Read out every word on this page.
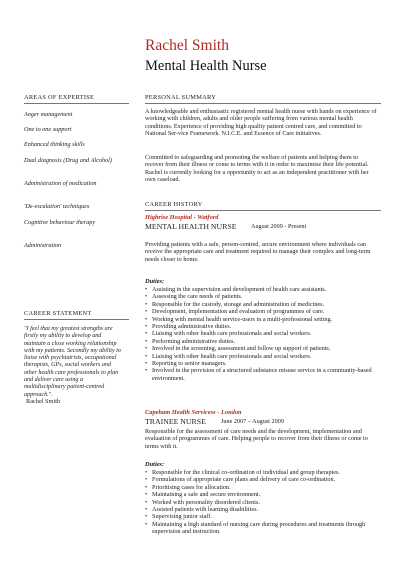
Rachel Smith
Mental Health Nurse
AREAS OF EXPERTISE
Anger management
One to one support
Enhanced thinking skills
Dual diagnosis (Drug and Alcohol)
Administration of medication
'De-escalation' techniques
Cognitive behaviour therapy
Administration
CAREER STATEMENT
"I feel that my greatest strengths are firstly my ability to develop and maintain a close working relationship with my patients. Secondly my ability to liaise with psychiatrists, occupational therapists, GPs, social workers and other health care professionals to plan and deliver care using a multidisciplinary patient-centred approach.".
Rachel Smith
PERSONAL SUMMARY
A knowledgeable and enthusiastic registered mental health nurse with hands on experience of working with children, adults and older people suffering from various mental health conditions. Experience of providing high quality patient centred care, and committed to National Ser-vice Framework. N.I.C.E. and Essence of Care initiatives.
Committed to safeguarding and promoting the welfare of patients and helping them to recover from their illness or come to terms with it in order to maximise their life potential. Rachel is currently looking for a opportunity to act as an independent practitioner with her own caseload.
CAREER HISTORY
Highrise Hospital - Watford
MENTAL HEALTH NURSE August 2009 - Present
Providing patients with a safe, person-centred, secure environment where individuals can receive the appropriate care and treatment required to manage their complex and long-term needs closer to home.
Duties:
• Assisting in the supervision and development of health care assistants.
• Assessing the care needs of patients.
• Responsible for the custody, storage and administration of medicines.
• Development, implementation and evaluation of programmes of care.
• Working with mental health service-users in a multi-professional setting.
• Providing administrative duties.
• Liaising with other health care professionals and social workers.
• Performing administrative duties.
• Involved in the screening, assessment and follow up support of patients.
• Liaising with other health care professionals and social workers.
• Reporting to senior managers.
• Involved in the provision of a structured substance misuse service in a community-based environment.
Capeham Health Servicess - London
TRAINEE NURSE June 2007 – August 2009
Responsible for the assessment of care needs and the development, implementation and evaluation of programmes of care. Helping people to recover from their illness or come to terms with it.
Duties:
• Responsible for the clinical co-ordination of individual and group therapies.
• Formulations of appropriate care plans and delivery of care co-ordination.
• Prioritising cases for allocation.
• Maintaining a safe and secure environment.
• Worked with personality disordered clients.
• Assisted patients with learning disabilities.
• Supervising junior staff.
• Maintaining a high standard of nursing care during procedures and treatments through supervision and instruction.
